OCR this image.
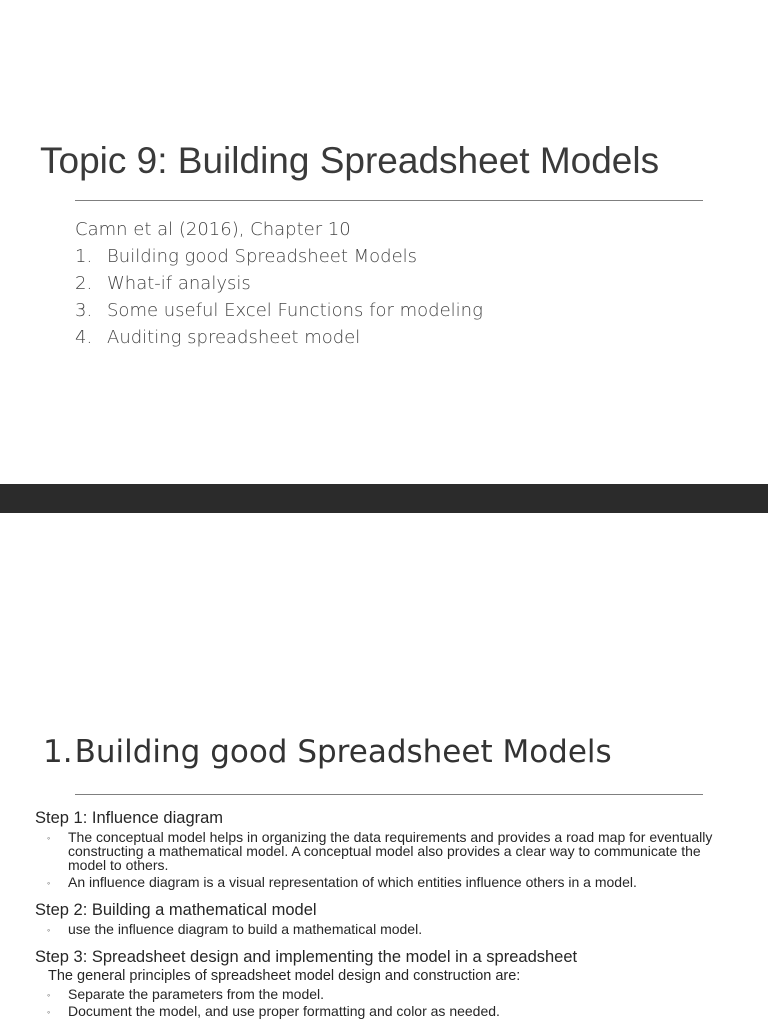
Topic 9: Building Spreadsheet Models
Camn et al (2016), Chapter 10
1. Building good Spreadsheet Models
2. What-if analysis
3. Some useful Excel Functions for modeling
4. Auditing spreadsheet model
1.Building good Spreadsheet Models

Step 1: Influence diagram

◦ The conceptual model helps in organizing the data requirements and provides a road map for eventually constructing a mathematical model. A conceptual model also provides a clear way to communicate the model to others.
◦ An influence diagram is a visual representation of which entities influence others in a model.

Step 2: Building a mathematical model

◦ use the influence diagram to build a mathematical model.

Step 3: Spreadsheet design and implementing the model in a spreadsheet

The general principles of spreadsheet model design and construction are:

◦ Separate the parameters from the model.
◦ Document the model, and use proper formatting and color as needed.
